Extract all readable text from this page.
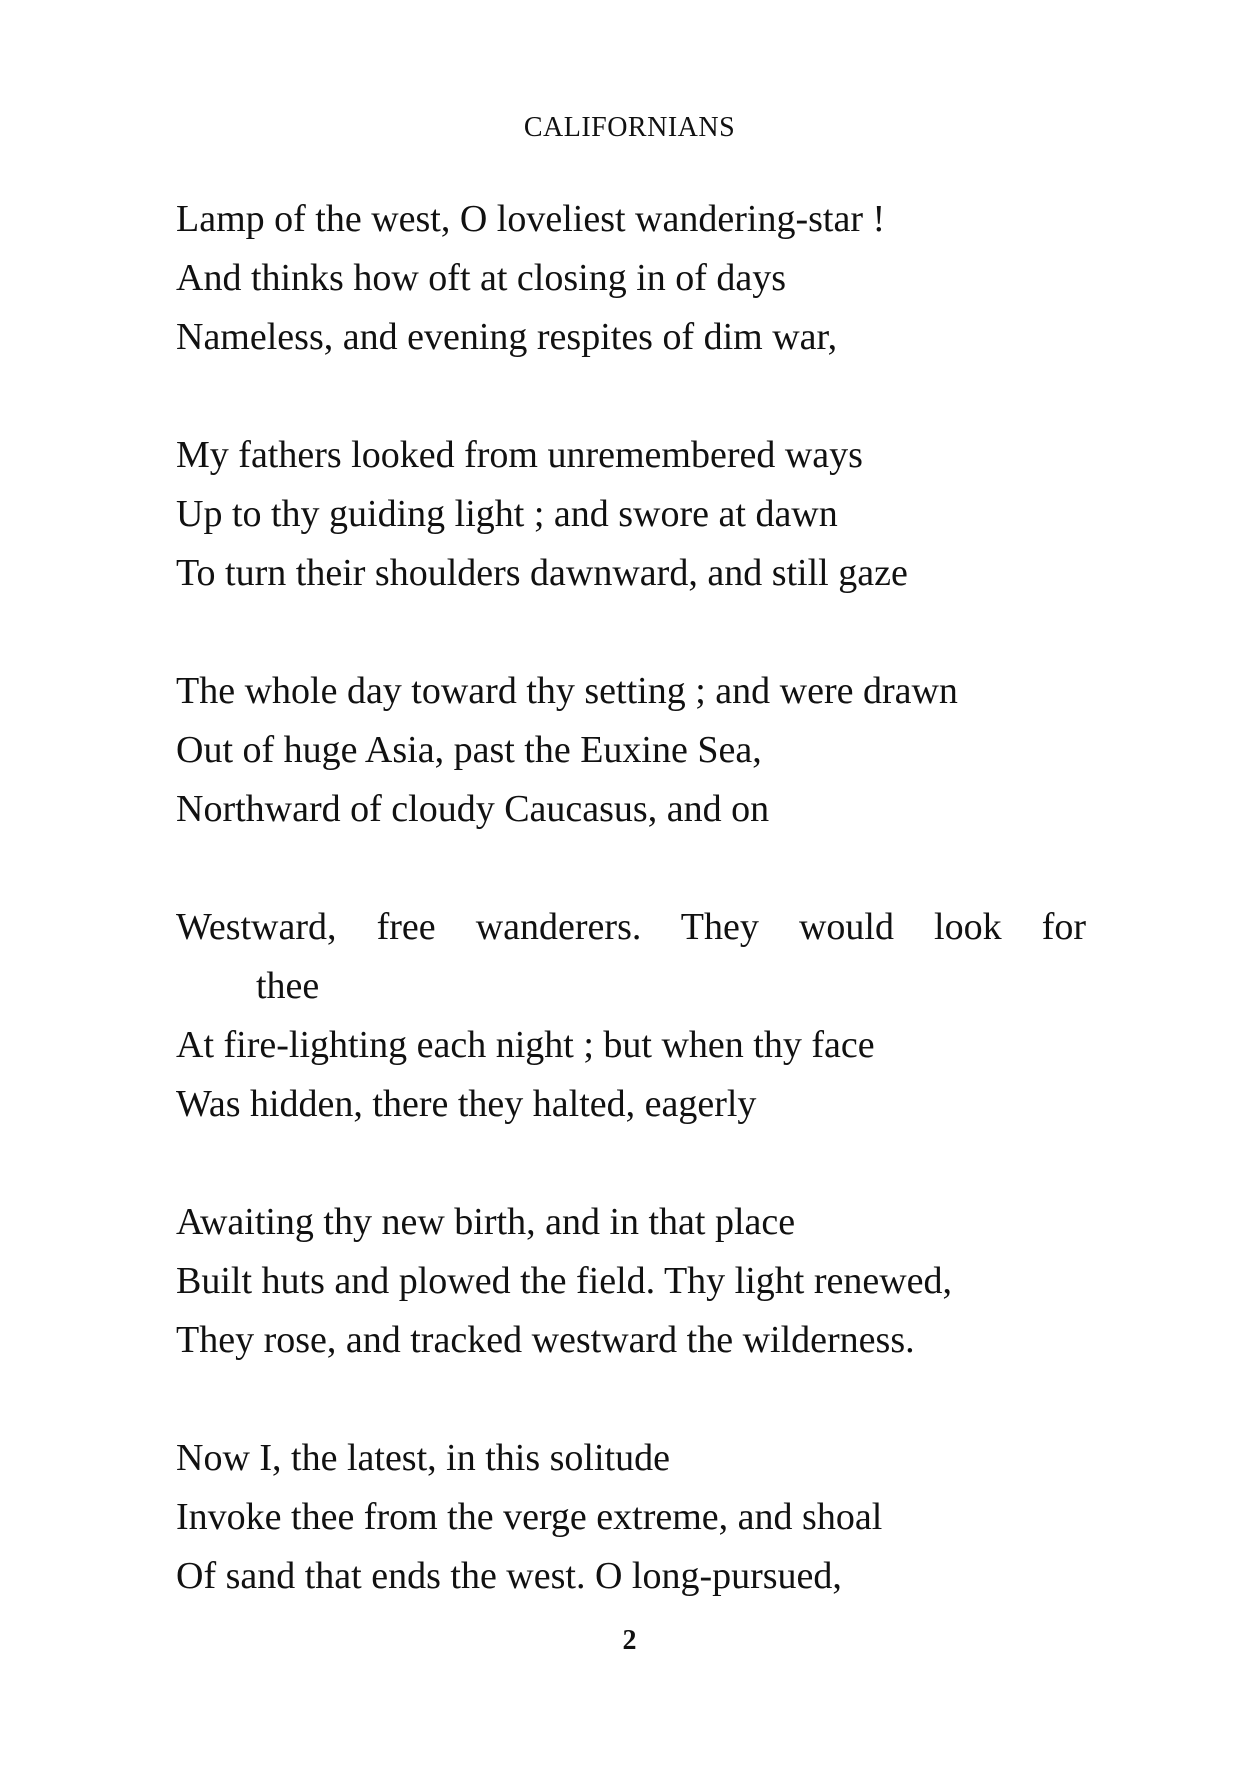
CALIFORNIANS
Lamp of the west, O loveliest wandering-star !
And thinks how oft at closing in of days
Nameless, and evening respites of dim war,
My fathers looked from unremembered ways
Up to thy guiding light ; and swore at dawn
To turn their shoulders dawnward, and still gaze
The whole day toward thy setting ; and were drawn
Out of huge Asia, past the Euxine Sea,
Northward of cloudy Caucasus, and on
Westward, free wanderers. They would look for
thee
At fire-lighting each night ; but when thy face
Was hidden, there they halted, eagerly
Awaiting thy new birth, and in that place
Built huts and plowed the field. Thy light renewed,
They rose, and tracked westward the wilderness.
Now I, the latest, in this solitude
Invoke thee from the verge extreme, and shoal
Of sand that ends the west. O long-pursued,
2
